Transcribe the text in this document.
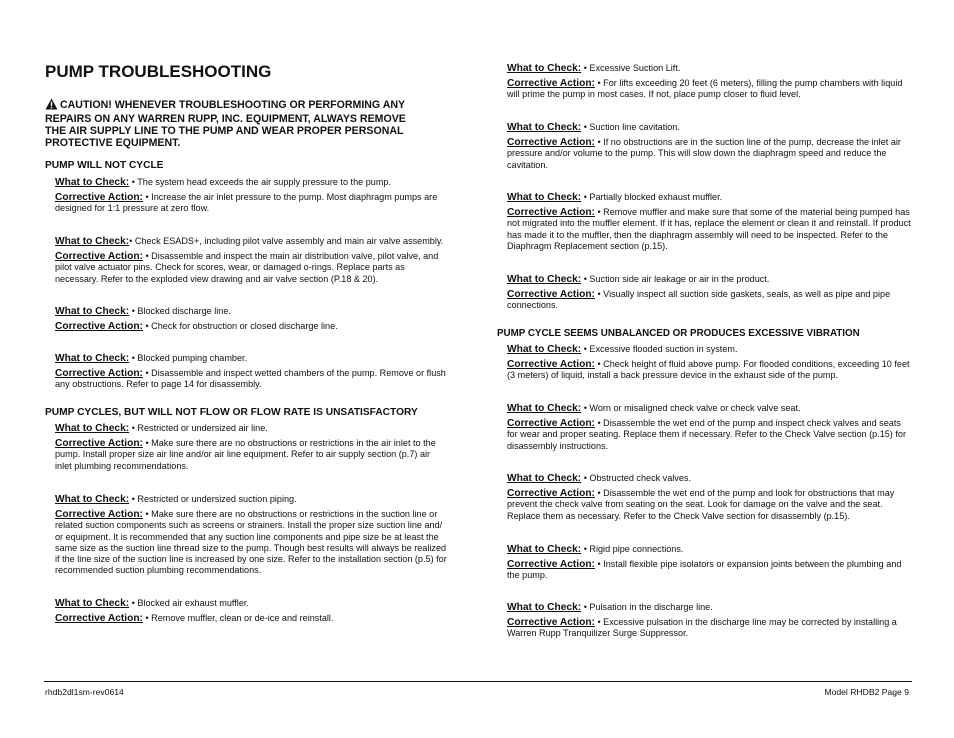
PUMP TROUBLESHOOTING
CAUTION! WHENEVER TROUBLESHOOTING OR PERFORMING ANY REPAIRS ON ANY WARREN RUPP, INC. EQUIPMENT, ALWAYS REMOVE THE AIR SUPPLY LINE TO THE PUMP AND WEAR PROPER PERSONAL PROTECTIVE EQUIPMENT.
PUMP WILL NOT CYCLE
PUMP CYCLES, BUT WILL NOT FLOW OR FLOW RATE IS UNSATISFACTORY
PUMP CYCLE SEEMS UNBALANCED OR PRODUCES EXCESSIVE VIBRATION

What to Check: • The system head exceeds the air supply pressure to the pump.

Corrective Action: • Increase the air inlet pressure to the pump. Most diaphragm pumps are designed for 1:1 pressure at zero flow.

What to Check:• Check ESADS+, including pilot valve assembly and main air valve assembly.

Corrective Action: • Disassemble and inspect the main air distribution valve, pilot valve, and pilot valve actuator pins. Check for scores, wear, or damaged o-rings. Replace parts as necessary. Refer to the exploded view drawing and air valve section (P.18 & 20).

What to Check: • Blocked discharge line.

Corrective Action: • Check for obstruction or closed discharge line.

What to Check: • Blocked pumping chamber.

Corrective Action: • Disassemble and inspect wetted chambers of the pump. Remove or flush any obstructions. Refer to page 14 for disassembly.

What to Check: • Restricted or undersized air line.

Corrective Action: • Make sure there are no obstructions or restrictions in the air inlet to the pump. Install proper size air line and/or air line equipment. Refer to air supply section (p.7) air inlet plumbing recommendations.

What to Check: • Restricted or undersized suction piping.

Corrective Action: • Make sure there are no obstructions or restrictions in the suction line or related suction components such as screens or strainers. Install the proper size suction line and/ or equipment. It is recommended that any suction line components and pipe size be at least the same size as the suction line thread size to the pump. Though best results will always be realized if the line size of the suction line is increased by one size. Refer to the installation section (p.5) for recommended suction plumbing recommendations.

What to Check: • Blocked air exhaust muffler.

Corrective Action: • Remove muffler, clean or de-ice and reinstall.

What to Check: • Excessive Suction Lift.

Corrective Action: • For lifts exceeding 20 feet (6 meters), filling the pump chambers with liquid will prime the pump in most cases. If not, place pump closer to fluid level.

What to Check: • Suction line cavitation.

Corrective Action: • If no obstructions are in the suction line of the pump, decrease the inlet air pressure and/or volume to the pump. This will slow down the diaphragm speed and reduce the cavitation.

What to Check: • Partially blocked exhaust muffler.

Corrective Action: • Remove muffler and make sure that some of the material being pumped has not migrated into the muffler element. If it has, replace the element or clean it and reinstall. If product has made it to the muffler, then the diaphragm assembly will need to be inspected. Refer to the Diaphragm Replacement section (p.15).

What to Check: • Suction side air leakage or air in the product.

Corrective Action: • Visually inspect all suction side gaskets, seals, as well as pipe and pipe connections.

What to Check: • Excessive flooded suction in system.

Corrective Action: • Check height of fluid above pump. For flooded conditions, exceeding 10 feet (3 meters) of liquid, install a back pressure device in the exhaust side of the pump.

What to Check: • Worn or misaligned check valve or check valve seat.

Corrective Action: • Disassemble the wet end of the pump and inspect check valves and seats for wear and proper seating. Replace them if necessary. Refer to the Check Valve section (p.15) for disassembly instructions.

What to Check: • Obstructed check valves.

Corrective Action: • Disassemble the wet end of the pump and look for obstructions that may prevent the check valve from seating on the seat. Look for damage on the valve and the seat. Replace them as necessary. Refer to the Check Valve section for disassembly (p.15).

What to Check: • Rigid pipe connections.

Corrective Action: • Install flexible pipe isolators or expansion joints between the plumbing and the pump.

What to Check: • Pulsation in the discharge line.

Corrective Action: • Excessive pulsation in the discharge line may be corrected by installing a Warren Rupp Tranquilizer Surge Suppressor.

rhdb2dl1sm-rev0614	Model RHDB2 Page 9
